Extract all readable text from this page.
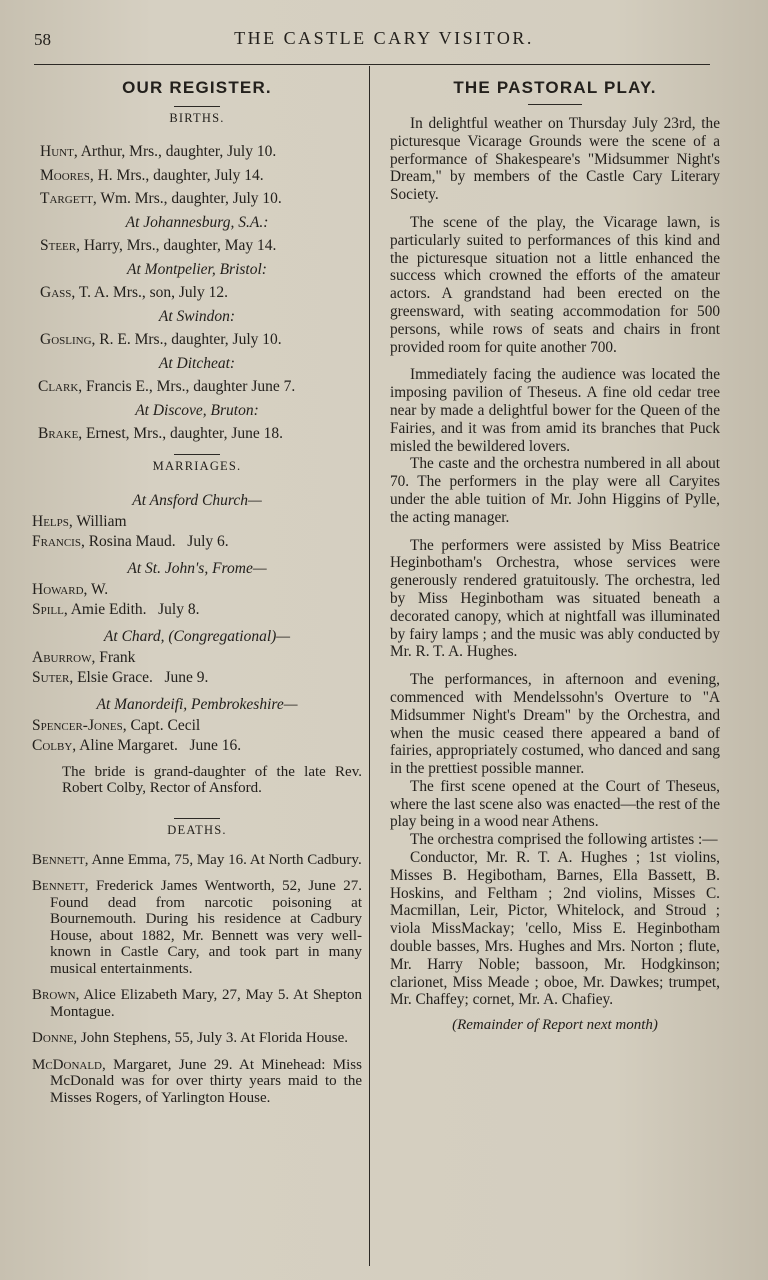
58	THE CASTLE CARY VISITOR.
OUR REGISTER.
BIRTHS.
Hunt, Arthur, Mrs., daughter, July 10.
Moores, H. Mrs., daughter, July 14.
Targett, Wm. Mrs., daughter, July 10.
At Johannesburg, S.A.:
Steer, Harry, Mrs., daughter, May 14.
At Montpelier, Bristol:
Gass, T. A. Mrs., son, July 12.
At Swindon:
Gosling, R. E. Mrs., daughter, July 10.
At Ditcheat:
Clark, Francis E., Mrs., daughter June 7.
At Discove, Bruton:
Brake, Ernest, Mrs., daughter, June 18.
MARRIAGES.
At Ansford Church—
Helps, William
Francis, Rosina Maud.   July 6.
At St. John's, Frome—
Howard, W.
Spill, Amie Edith.   July 8.
At Chard, (Congregational)—
Aburrow, Frank
Suter, Elsie Grace.   June 9.
At Manordeifi, Pembrokeshire—
Spencer-Jones, Capt. Cecil
Colby, Aline Margaret.   June 16.
The bride is grand-daughter of the late Rev. Robert Colby, Rector of Ansford.
DEATHS.
Bennett, Anne Emma, 75, May 16. At North Cadbury.
Bennett, Frederick James Wentworth, 52, June 27. Found dead from narcotic poisoning at Bournemouth. During his residence at Cadbury House, about 1882, Mr. Bennett was very well-known in Castle Cary, and took part in many musical entertainments.
Brown, Alice Elizabeth Mary, 27, May 5. At Shepton Montague.
Donne, John Stephens, 55, July 3. At Florida House.
McDonald, Margaret, June 29. At Minehead: Miss McDonald was for over thirty years maid to the Misses Rogers, of Yarlington House.
THE PASTORAL PLAY.
In delightful weather on Thursday July 23rd, the picturesque Vicarage Grounds were the scene of a performance of Shakespeare's "Midsummer Night's Dream," by members of the Castle Cary Literary Society.
The scene of the play, the Vicarage lawn, is particularly suited to performances of this kind and the picturesque situation not a little enhanced the success which crowned the efforts of the amateur actors. A grandstand had been erected on the greensward, with seating accommodation for 500 persons, while rows of seats and chairs in front provided room for quite another 700.
Immediately facing the audience was located the imposing pavilion of Theseus. A fine old cedar tree near by made a delightful bower for the Queen of the Fairies, and it was from amid its branches that Puck misled the bewildered lovers.
The caste and the orchestra numbered in all about 70. The performers in the play were all Caryites under the able tuition of Mr. John Higgins of Pylle, the acting manager.
The performers were assisted by Miss Beatrice Heginbotham's Orchestra, whose services were generously rendered gratuitously. The orchestra, led by Miss Heginbotham was situated beneath a decorated canopy, which at nightfall was illuminated by fairy lamps ; and the music was ably conducted by Mr. R. T. A. Hughes.
The performances, in afternoon and evening, commenced with Mendelssohn's Overture to "A Midsummer Night's Dream" by the Orchestra, and when the music ceased there appeared a band of fairies, appropriately costumed, who danced and sang in the prettiest possible manner.
The first scene opened at the Court of Theseus, where the last scene also was enacted—the rest of the play being in a wood near Athens.
The orchestra comprised the following artistes :—
Conductor, Mr. R. T. A. Hughes ; 1st violins, Misses B. Hegibotham, Barnes, Ella Bassett, B. Hoskins, and Feltham ; 2nd violins, Misses C. Macmillan, Leir, Pictor, Whitelock, and Stroud ; viola MissMackay; 'cello, Miss E. Heginbotham double basses, Mrs. Hughes and Mrs. Norton ; flute, Mr. Harry Noble; bassoon, Mr. Hodgkinson; clarionet, Miss Meade ; oboe, Mr. Dawkes; trumpet, Mr. Chaffey; cornet, Mr. A. Chafiey.
(Remainder of Report next month)
